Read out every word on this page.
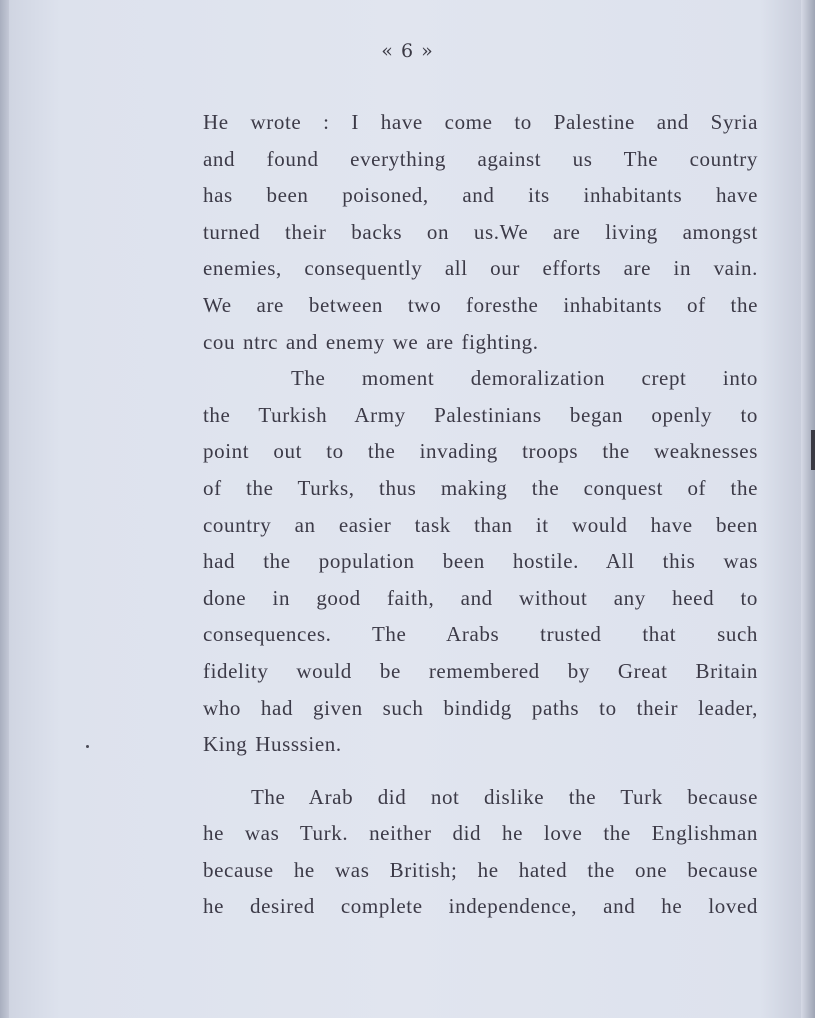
« 6 »
He wrote : I have come to Palestine and Syria
and found everything against us The country
has been poisoned, and its inhabitants have
turned their backs on us.We are living amongst
enemies, consequently all our efforts are in vain.
We are between two foresthe inhabitants of the
cou ntrc and enemy we are fighting.
The moment demoralization crept into
the Turkish Army Palestinians began openly to
point out to the invading troops the weaknesses
of the Turks, thus making the conquest of the
country an easier task than it would have been
had the population been hostile. All this was
done in good faith, and without any heed to
consequences. The Arabs trusted that such
fidelity would be remembered by Great Britain
who had given such bindidg paths to their leader,
King Husssien.
The Arab did not dislike the Turk because
he was Turk. neither did he love the Englishman
because he was British; he hated the one because
he desired complete independence, and he loved
